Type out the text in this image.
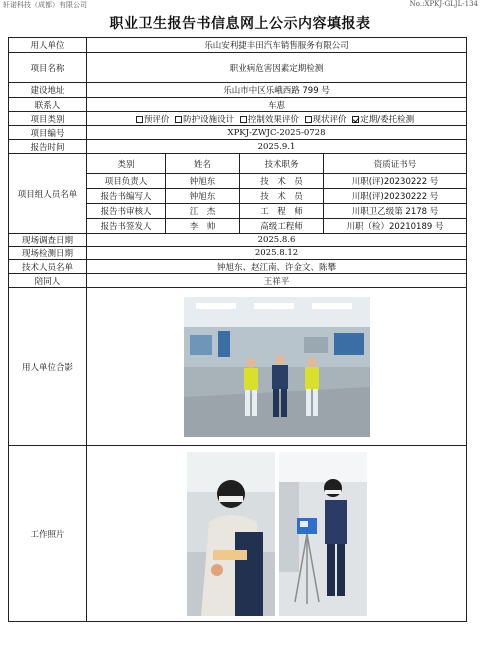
轩诺科技（成都）有限公司	No.:XPKJ-GLJL-134
职业卫生报告书信息网上公示内容填报表
用人单位	乐山安利捷丰田汽车销售服务有限公司			
项目名称	职业病危害因素定期检测			
建设地址	乐山市中区乐峨西路 799 号			
联系人	车恵			
项目类别	预评价 防护设施设计 控制效果评价 现状评价 定期/委托检测			
项目编号	XPKJ-ZWJC-2025-0728			
报告时间	2025.9.1			
项目组人员名单	类别	姓名	技术职务	资质证书号
	项目负责人	钟旭东	技　术　员	川职(评)20230222 号
	报告书编写人	钟旭东	技　术　员	川职(评)20230222 号
	报告书审核人	江　杰	工　程　师	川职卫乙级第 2178 号
	报告书签发人	李　帅	高级工程师	川职（检）20210189 号
现场调查日期	2025.8.6			
现场检测日期	2025.8.12			
技术人员名单	钟旭东、赵江南、许金文、陈攀			
陪同人	王祥平			
用人单位合影	

工作照片	
